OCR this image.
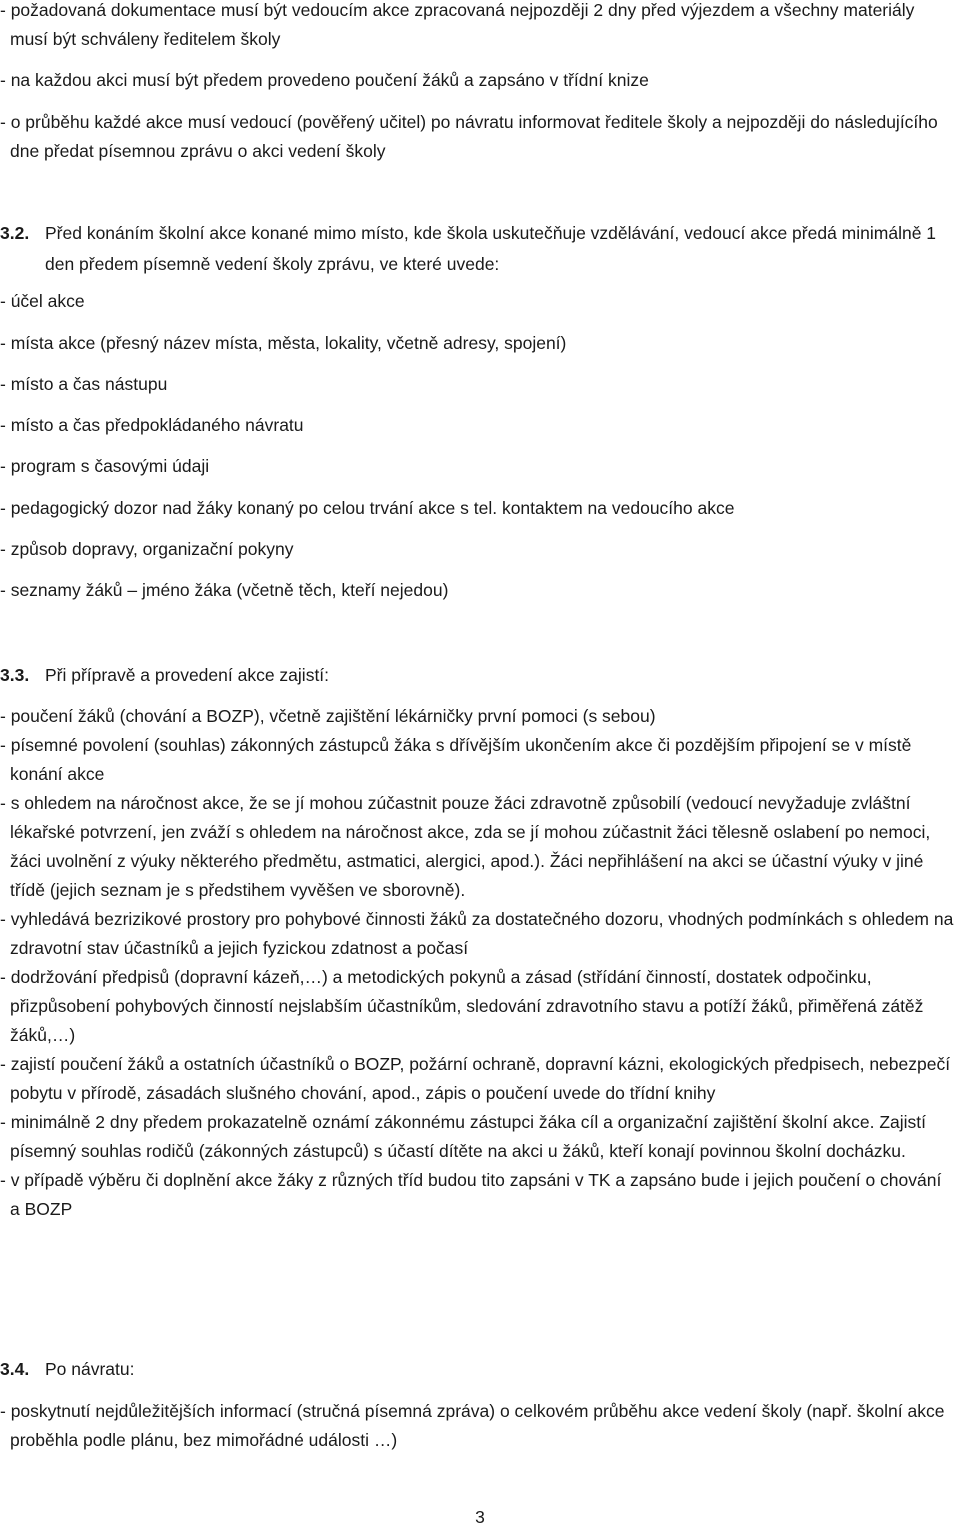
- požadovaná dokumentace musí být vedoucím akce zpracovaná nejpozději 2 dny před výjezdem a všechny materiály musí být schváleny ředitelem školy

- na každou akci musí být předem provedeno poučení žáků a zapsáno v třídní knize

- o průběhu každé akce musí vedoucí (pověřený učitel) po návratu informovat ředitele školy a nejpozději do následujícího dne předat písemnou zprávu o akci vedení školy

3.2. Před konáním školní akce konané mimo místo, kde škola uskutečňuje vzdělávání, vedoucí akce předá minimálně 1 den předem písemně vedení školy zprávu, ve které uvede:

- účel akce

- místa akce (přesný název místa, města, lokality, včetně adresy, spojení)

- místo a čas nástupu

- místo a čas předpokládaného návratu

- program s časovými údaji

- pedagogický dozor nad žáky konaný po celou trvání akce s tel. kontaktem na vedoucího akce

- způsob dopravy, organizační pokyny

- seznamy žáků – jméno žáka (včetně těch, kteří nejedou)

3.3. Při přípravě a provedení akce zajistí:

- poučení žáků (chování a BOZP), včetně zajištění lékárničky první pomoci (s sebou)

- písemné povolení (souhlas) zákonných zástupců žáka s dřívějším ukončením akce či pozdějším připojení se v místě konání akce

- s ohledem na náročnost akce, že se jí mohou zúčastnit pouze žáci zdravotně způsobilí (vedoucí nevyžaduje zvláštní lékařské potvrzení, jen zváží s ohledem na náročnost akce, zda se jí mohou zúčastnit žáci tělesně oslabení po nemoci, žáci uvolnění z výuky některého předmětu, astmatici, alergici, apod.). Žáci nepřihlášení na akci se účastní výuky v jiné třídě (jejich seznam je s předstihem vyvěšen ve sborovně).

- vyhledává bezrizikové prostory pro pohybové činnosti žáků za dostatečného dozoru, vhodných podmínkách s ohledem na zdravotní stav účastníků a jejich fyzickou zdatnost a počasí

- dodržování předpisů (dopravní kázeň,…) a metodických pokynů a zásad (střídání činností, dostatek odpočinku, přizpůsobení pohybových činností nejslabším účastníkům, sledování zdravotního stavu a potíží žáků, přiměřená zátěž žáků,…)

- zajistí poučení žáků a ostatních účastníků o BOZP, požární ochraně, dopravní kázni, ekologických předpisech, nebezpečí pobytu v přírodě, zásadách slušného chování, apod., zápis o poučení uvede do třídní knihy

- minimálně 2 dny předem prokazatelně oznámí zákonnému zástupci žáka cíl a organizační zajištění školní akce. Zajistí písemný souhlas rodičů (zákonných zástupců) s účastí dítěte na akci u žáků, kteří konají povinnou školní docházku.

- v případě výběru či doplnění akce žáky z různých tříd budou tito zapsáni v TK a zapsáno bude i jejich poučení o chování a BOZP

3.4. Po návratu:

- poskytnutí nejdůležitějších informací (stručná písemná zpráva) o celkovém průběhu akce vedení školy (např. školní akce proběhla podle plánu, bez mimořádné události …)

3
